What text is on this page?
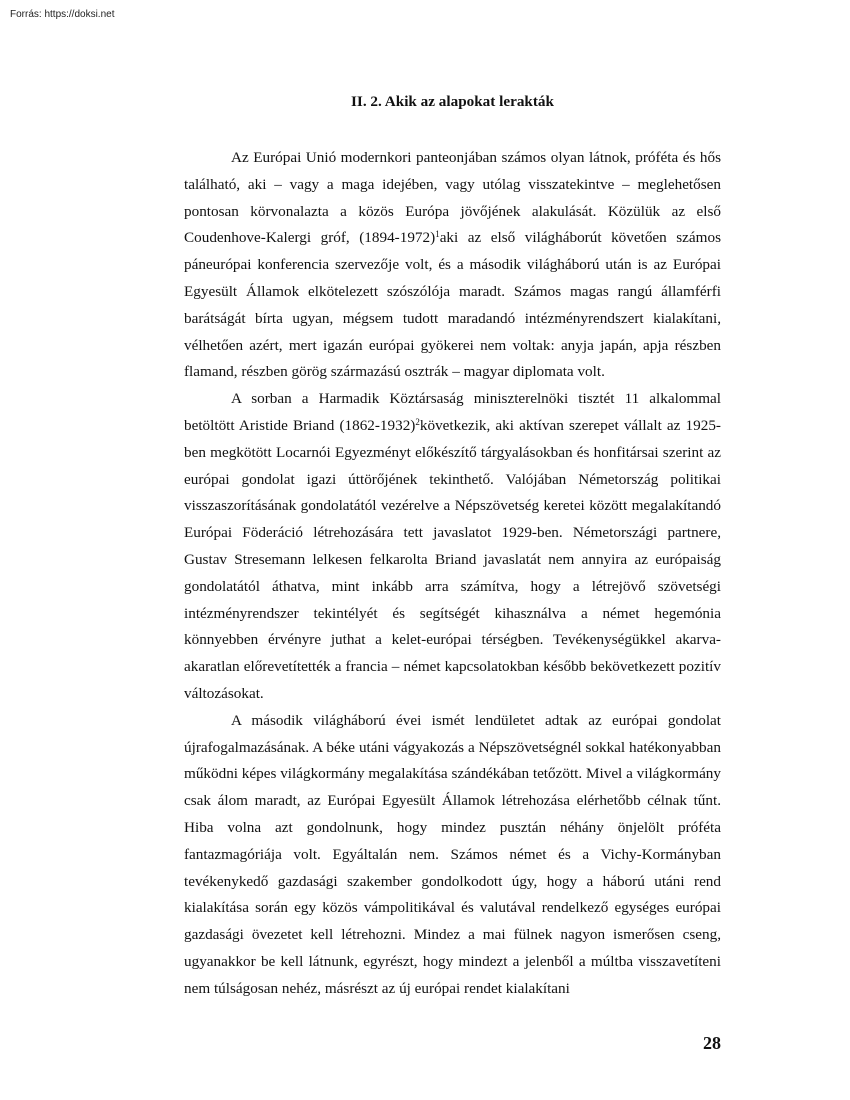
Forrás: https://doksi.net
II. 2. Akik az alapokat lerakták

Az Európai Unió modernkori panteonjában számos olyan látnok, próféta és hős található, aki – vagy a maga idejében, vagy utólag visszatekintve – meglehetősen pontosan körvonalazta a közös Európa jövőjének alakulását. Közülük az első Coudenhove-Kalergi gróf, (1894-1972)$^1$aki az első világháborút követően számos páneurópai konferencia szervezője volt, és a második világháború után is az Európai Egyesült Államok elkötelezett szószólója maradt. Számos magas rangú államférfi barátságát bírta ugyan, mégsem tudott maradandó intézményrendszert kialakítani, vélhetően azért, mert igazán európai gyökerei nem voltak: anyja japán, apja részben flamand, részben görög származású osztrák – magyar diplomata volt.

A sorban a Harmadik Köztársaság miniszterelnöki tisztét 11 alkalommal betöltött Aristide Briand (1862-1932)$^2$következik, aki aktívan szerepet vállalt az 1925-ben megkötött Locarnói Egyezményt előkészítő tárgyalásokban és honfitársai szerint az európai gondolat igazi úttörőjének tekinthető. Valójában Németország politikai visszaszorításának gondolatától vezérelve a Népszövetség keretei között megalakítandó Európai Föderáció létrehozására tett javaslatot 1929-ben. Németországi partnere, Gustav Stresemann lelkesen felkarolta Briand javaslatát nem annyira az európaiság gondolatától áthatva, mint inkább arra számítva, hogy a létrejövő szövetségi intézményrendszer tekintélyét és segítségét kihasználva a német hegemónia könnyebben érvényre juthat a kelet-európai térségben. Tevékenységükkel akarva-akaratlan előrevetítették a francia – német kapcsolatokban később bekövetkezett pozitív változásokat.

A második világháború évei ismét lendületet adtak az európai gondolat újrafogalmazásának. A béke utáni vágyakozás a Népszövetségnél sokkal hatékonyabban működni képes világkormány megalakítása szándékában tetőzött. Mivel a világkormány csak álom maradt, az Európai Egyesült Államok létrehozása elérhetőbb célnak tűnt. Hiba volna azt gondolnunk, hogy mindez pusztán néhány önjelölt próféta fantazmagóriája volt. Egyáltalán nem. Számos német és a Vichy-Kormányban tevékenykedő gazdasági szakember gondolkodott úgy, hogy a háború utáni rend kialakítása során egy közös vámpolitikával és valutával rendelkező egységes európai gazdasági övezetet kell létrehozni. Mindez a mai fülnek nagyon ismerősen cseng, ugyanakkor be kell látnunk, egyrészt, hogy mindezt a jelenből a múltba visszavetíteni nem túlságosan nehéz, másrészt az új európai rendet kialakítani

28
